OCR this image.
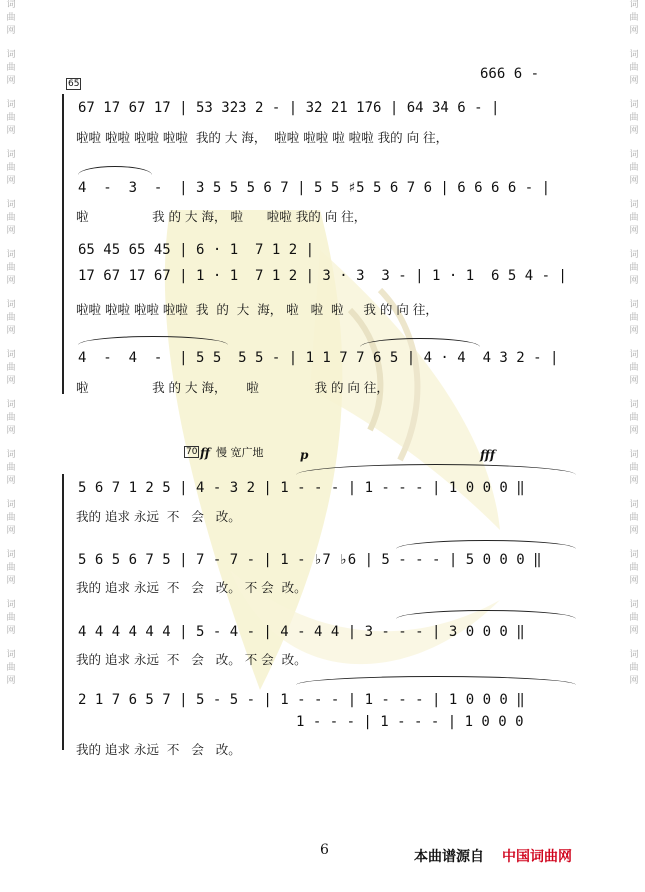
词
曲
网

词
曲
网

词
曲
网

词
曲
网

词
曲
网

词
曲
网

词
曲
网

词
曲
网

词
曲
网

词
曲
网

词
曲
网

词
曲
网

词
曲
网

词
曲
网
词
曲
网

词
曲
网

词
曲
网

词
曲
网

词
曲
网

词
曲
网

词
曲
网

词
曲
网

词
曲
网

词
曲
网

词
曲
网

词
曲
网

词
曲
网

词
曲
网
65
666 6 -
67 1̇7 67 1̇7 | 53 3̇23 2 - | 3̇2 2̇1 1̇76 | 64 3̇4 6 - |
啦啦 啦啦 啦啦 啦啦  我的 大 海，  啦啦 啦啦 啦 啦啦 我的 向 往，
4  -  3  -  | 3 5 5 5 6 7 | 5 5 ♯5 5 6 7 6 | 6 6 6 6 - |
啦                我 的 大 海， 啦      啦啦 我的 向 往，
65 45 65 45 | 6 · 1  7 1 2 |
17 67 17 67 | 1 · 1  7 1 2 | 3 · 3  3 - | 1 · 1  6 5 4 - |
啦啦 啦啦 啦啦 啦啦  我  的  大  海， 啦   啦  啦     我 的 向 往，
4  -  4  -  | 5 5  5 5 - | 1 1 7 7 6 5 | 4 · 4  4 3 2 - |
啦                我 的 大 海，     啦              我 的 向 往，
70 ff 慢 宽广地	p	fff
5 6 7 1 2 5 | 4 - 3 2 | 1 - - - | 1 - - - | 1 0 0 0 ‖
我的 追求 永远  不   会   改。
5 6 5 6 7 5 | 7 - 7 - | 1 - ♭7 ♭6 | 5 - - - | 5 0 0 0 ‖
我的 追求 永远  不   会   改。 不 会  改。
4 4 4 4 4 4 | 5 - 4 - | 4 - 4 4 | 3 - - - | 3 0 0 0 ‖
我的 追求 永远  不   会   改。 不 会  改。
2 1 7 6 5 7 | 5 - 5 - | 1 - - - | 1 - - - | 1 0 0 0 ‖
1 - - - | 1 - - - | 1 0 0 0
我的 追求 永远  不   会   改。
6	本曲谱源自 中国词曲网
